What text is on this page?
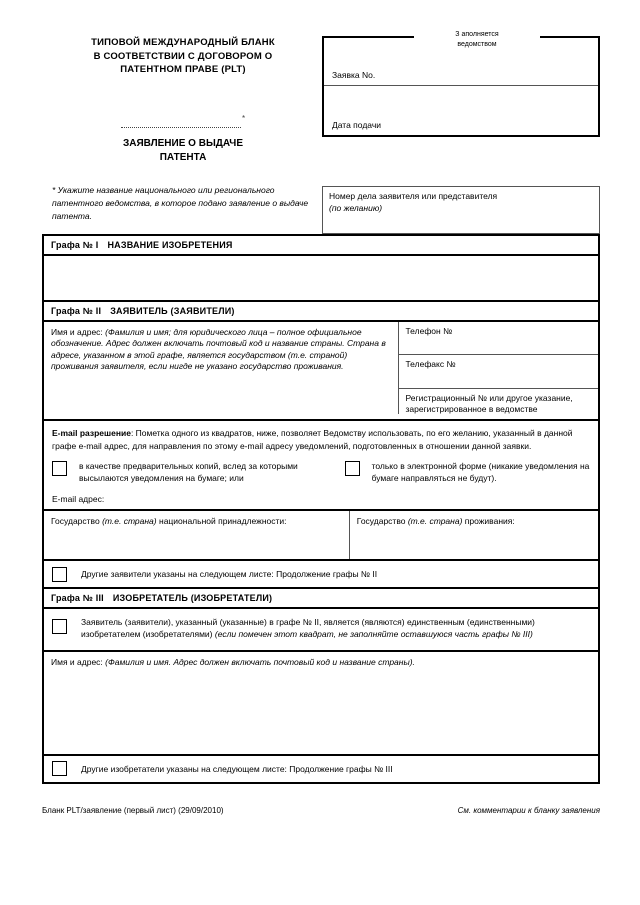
ТИПОВОЙ МЕЖДУНАРОДНЫЙ БЛАНК
В СООТВЕТСТВИИ С ДОГОВОРОМ О
ПАТЕНТНОМ ПРАВЕ (PLT)
*
ЗАЯВЛЕНИЕ О ВЫДАЧЕ
ПАТЕНТА
З аполняется
ведомством
Заявка No.
Дата подачи
* Укажите название национального или регионального патентного ведомства, в которое подано заявление о выдаче патента.
Номер дела заявителя или представителя
(по желанию)
Графа № I НАЗВАНИЕ ИЗОБРЕТЕНИЯ
Графа № II ЗАЯВИТЕЛЬ (ЗАЯВИТЕЛИ)
Имя и адрес: (Фамилия и имя; для юридического лица – полное официальное обозначение. Адрес должен включать почтовый код и название страны. Страна в адресе, указанном в этой графе, является государством (т.е. страной) проживания заявителя, если нигде не указано государство проживания.
Телефон №
Телефакс №
Регистрационный № или другое указание, зарегистрированное в ведомстве
E-mail разрешение: Пометка одного из квадратов, ниже, позволяет Ведомству использовать, по его желанию, указанный в данной графе e-mail адрес, для направления по этому e-mail адресу уведомлений, подготовленных в отношении данной заявки.
в качестве предварительных копий, вслед за которыми высылаются уведомления на бумаге; или
только в электронной форме (никакие уведомления на бумаге направляться не будут).
E-mail адрес:
Государство (т.е. страна) национальной принадлежности:	Государство (т.е. страна) проживания:
Другие заявители указаны на следующем листе: Продолжение графы № II
Графа № III ИЗОБРЕТАТЕЛЬ (ИЗОБРЕТАТЕЛИ)
Заявитель (заявители), указанный (указанные) в графе № II, является (являются) единственным (единственными) изобретателем (изобретателями) (если помечен этот квадрат, не заполняйте оставшуюся часть графы № III)
Имя и адрес: (Фамилия и имя. Адрес должен включать почтовый код и название страны).
Другие изобретатели указаны на следующем листе: Продолжение графы № III
Бланк PLT/заявление (первый лист) (29/09/2010)	См. комментарии к бланку заявления
